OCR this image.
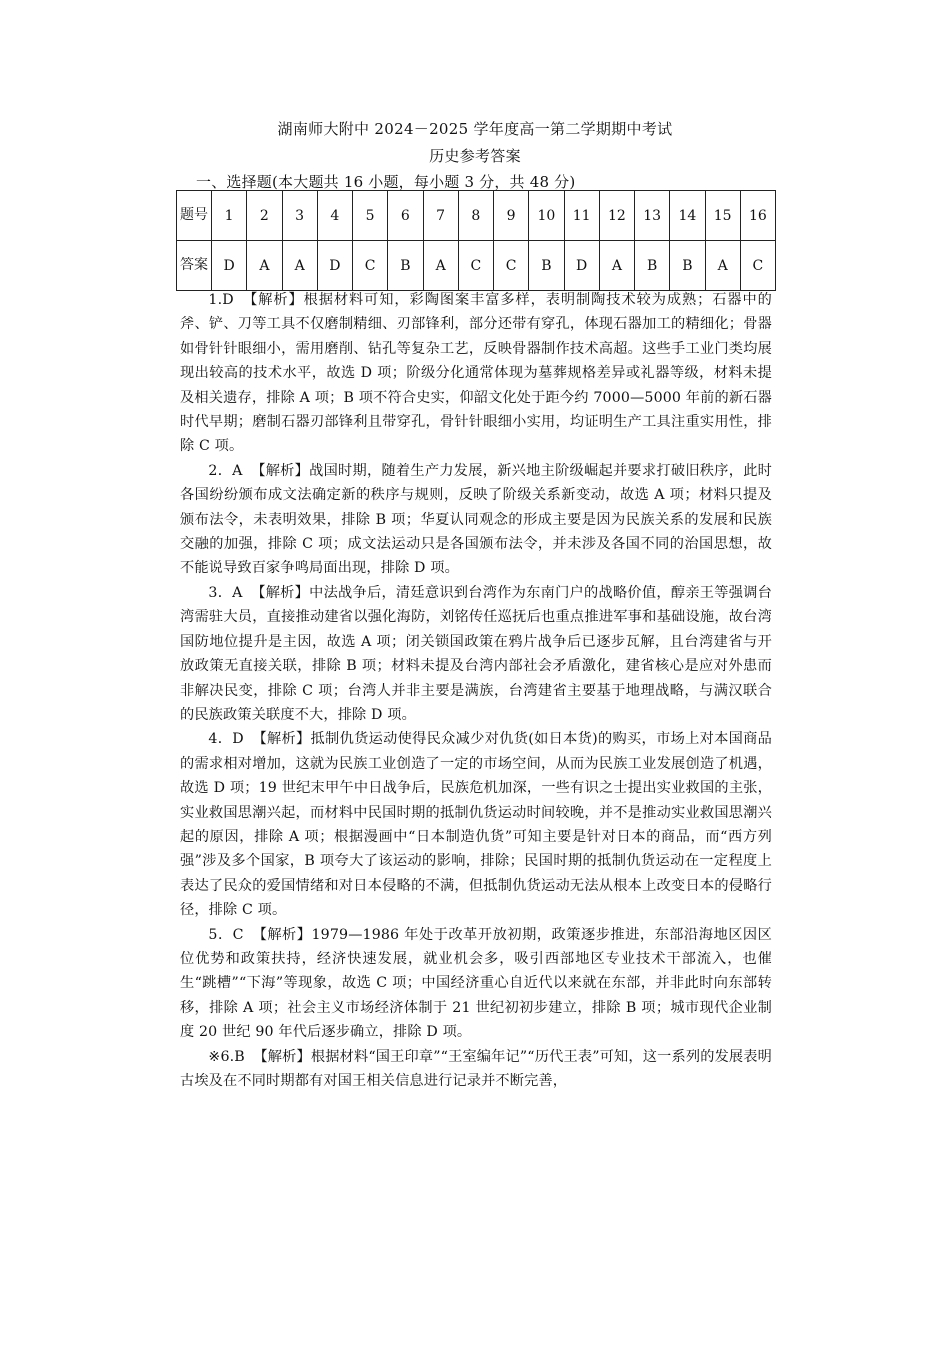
湖南师大附中 2024－2025 学年度高一第二学期期中考试
历史参考答案
一、选择题(本大题共 16 小题，每小题 3 分，共 48 分)
题号	1	2	3	4	5	6	7	8	9	10	11	12	13	14	15	16
答案	D	A	A	D	C	B	A	C	C	B	D	A	B	B	A	C

1.D 【解析】根据材料可知，彩陶图案丰富多样，表明制陶技术较为成熟；石器中的斧、铲、刀等工具不仅磨制精细、刃部锋利，部分还带有穿孔，体现石器加工的精细化；骨器如骨针针眼细小，需用磨削、钻孔等复杂工艺，反映骨器制作技术高超。这些手工业门类均展现出较高的技术水平，故选 D 项；阶级分化通常体现为墓葬规格差异或礼器等级，材料未提及相关遗存，排除 A 项；B 项不符合史实，仰韶文化处于距今约 7000—5000 年前的新石器时代早期；磨制石器刃部锋利且带穿孔，骨针针眼细小实用，均证明生产工具注重实用性，排除 C 项。

2．A 【解析】战国时期，随着生产力发展，新兴地主阶级崛起并要求打破旧秩序，此时各国纷纷颁布成文法确定新的秩序与规则，反映了阶级关系新变动，故选 A 项；材料只提及颁布法令，未表明效果，排除 B 项；华夏认同观念的形成主要是因为民族关系的发展和民族交融的加强，排除 C 项；成文法运动只是各国颁布法令，并未涉及各国不同的治国思想，故不能说导致百家争鸣局面出现，排除 D 项。

3．A 【解析】中法战争后，清廷意识到台湾作为东南门户的战略价值，醇亲王等强调台湾需驻大员，直接推动建省以强化海防，刘铭传任巡抚后也重点推进军事和基础设施，故台湾国防地位提升是主因，故选 A 项；闭关锁国政策在鸦片战争后已逐步瓦解，且台湾建省与开放政策无直接关联，排除 B 项；材料未提及台湾内部社会矛盾激化，建省核心是应对外患而非解决民变，排除 C 项；台湾人并非主要是满族，台湾建省主要基于地理战略，与满汉联合的民族政策关联度不大，排除 D 项。

4．D 【解析】抵制仇货运动使得民众减少对仇货(如日本货)的购买，市场上对本国商品的需求相对增加，这就为民族工业创造了一定的市场空间，从而为民族工业发展创造了机遇，故选 D 项；19 世纪末甲午中日战争后，民族危机加深，一些有识之士提出实业救国的主张，实业救国思潮兴起，而材料中民国时期的抵制仇货运动时间较晚，并不是推动实业救国思潮兴起的原因，排除 A 项；根据漫画中“日本制造仇货”可知主要是针对日本的商品，而“西方列强”涉及多个国家，B 项夸大了该运动的影响，排除；民国时期的抵制仇货运动在一定程度上表达了民众的爱国情绪和对日本侵略的不满，但抵制仇货运动无法从根本上改变日本的侵略行径，排除 C 项。

5．C 【解析】1979—1986 年处于改革开放初期，政策逐步推进，东部沿海地区因区位优势和政策扶持，经济快速发展，就业机会多，吸引西部地区专业技术干部流入，也催生“跳槽”“下海”等现象，故选 C 项；中国经济重心自近代以来就在东部，并非此时向东部转移，排除 A 项；社会主义市场经济体制于 21 世纪初初步建立，排除 B 项；城市现代企业制度 20 世纪 90 年代后逐步确立，排除 D 项。

※6.B 【解析】根据材料“国王印章”“王室编年记”“历代王表”可知，这一系列的发展表明古埃及在不同时期都有对国王相关信息进行记录并不断完善，
